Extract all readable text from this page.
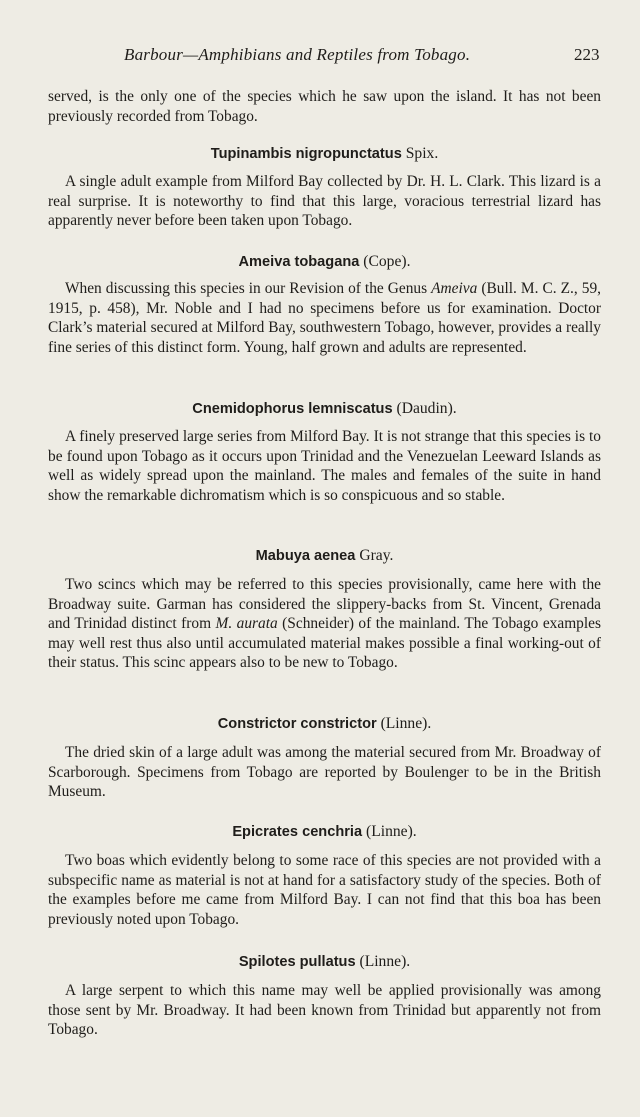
Barbour—Amphibians and Reptiles from Tobago.	223

served, is the only one of the species which he saw upon the island. It has not been previously recorded from Tobago.

Tupinambis nigropunctatus Spix.

A single adult example from Milford Bay collected by Dr. H. L. Clark. This lizard is a real surprise. It is noteworthy to find that this large, voracious terrestrial lizard has apparently never before been taken upon Tobago.

Ameiva tobagana (Cope).

When discussing this species in our Revision of the Genus Ameiva (Bull. M. C. Z., 59, 1915, p. 458), Mr. Noble and I had no specimens before us for examination. Doctor Clark’s material secured at Milford Bay, southwestern Tobago, however, provides a really fine series of this distinct form. Young, half grown and adults are represented.

Cnemidophorus lemniscatus (Daudin).

A finely preserved large series from Milford Bay. It is not strange that this species is to be found upon Tobago as it occurs upon Trinidad and the Venezuelan Leeward Islands as well as widely spread upon the mainland. The males and females of the suite in hand show the remarkable dichromatism which is so conspicuous and so stable.

Mabuya aenea Gray.

Two scincs which may be referred to this species provisionally, came here with the Broadway suite. Garman has considered the slippery-backs from St. Vincent, Grenada and Trinidad distinct from M. aurata (Schneider) of the mainland. The Tobago examples may well rest thus also until accumulated material makes possible a final working-out of their status. This scinc appears also to be new to Tobago.

Constrictor constrictor (Linne).

The dried skin of a large adult was among the material secured from Mr. Broadway of Scarborough. Specimens from Tobago are reported by Boulenger to be in the British Museum.

Epicrates cenchria (Linne).

Two boas which evidently belong to some race of this species are not provided with a subspecific name as material is not at hand for a satisfactory study of the species. Both of the examples before me came from Milford Bay. I can not find that this boa has been previously noted upon Tobago.

Spilotes pullatus (Linne).

A large serpent to which this name may well be applied provisionally was among those sent by Mr. Broadway. It had been known from Trinidad but apparently not from Tobago.
